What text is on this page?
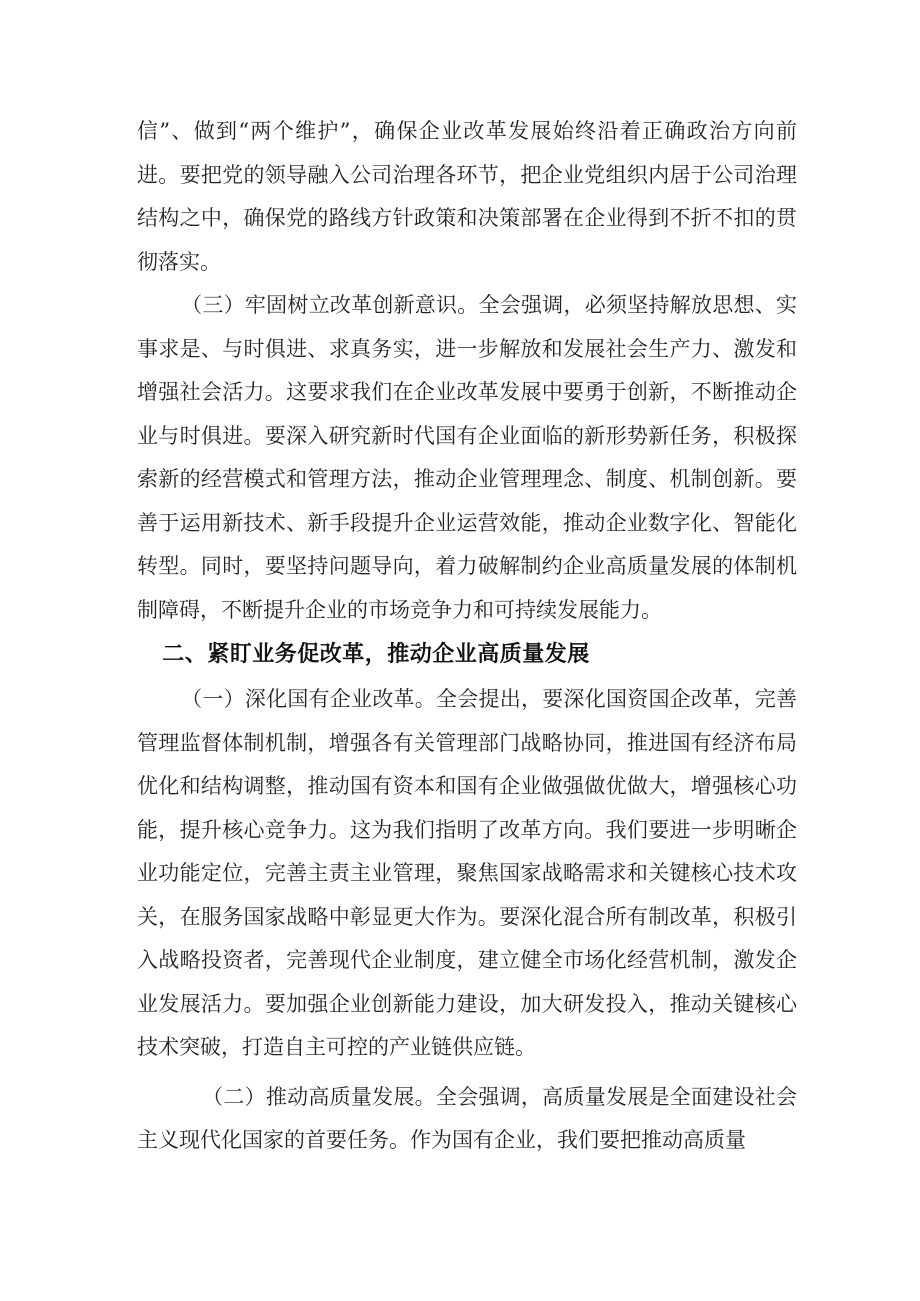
信”、做到“两个维护”，确保企业改革发展始终沿着正确政治方向前进。要把党的领导融入公司治理各环节，把企业党组织内居于公司治理结构之中，确保党的路线方针政策和决策部署在企业得到不折不扣的贯彻落实。

（三）牢固树立改革创新意识。全会强调，必须坚持解放思想、实事求是、与时俱进、求真务实，进一步解放和发展社会生产力、激发和增强社会活力。这要求我们在企业改革发展中要勇于创新，不断推动企业与时俱进。要深入研究新时代国有企业面临的新形势新任务，积极探索新的经营模式和管理方法，推动企业管理理念、制度、机制创新。要善于运用新技术、新手段提升企业运营效能，推动企业数字化、智能化转型。同时，要坚持问题导向，着力破解制约企业高质量发展的体制机制障碍，不断提升企业的市场竞争力和可持续发展能力。

二、紧盯业务促改革，推动企业高质量发展

（一）深化国有企业改革。全会提出，要深化国资国企改革，完善管理监督体制机制，增强各有关管理部门战略协同，推进国有经济布局优化和结构调整，推动国有资本和国有企业做强做优做大，增强核心功能，提升核心竞争力。这为我们指明了改革方向。我们要进一步明晰企业功能定位，完善主责主业管理，聚焦国家战略需求和关键核心技术攻关，在服务国家战略中彰显更大作为。要深化混合所有制改革，积极引入战略投资者，完善现代企业制度，建立健全市场化经营机制，激发企业发展活力。要加强企业创新能力建设，加大研发投入，推动关键核心技术突破，打造自主可控的产业链供应链。

（二）推动高质量发展。全会强调，高质量发展是全面建设社会主义现代化国家的首要任务。作为国有企业，我们要把推动高质量
